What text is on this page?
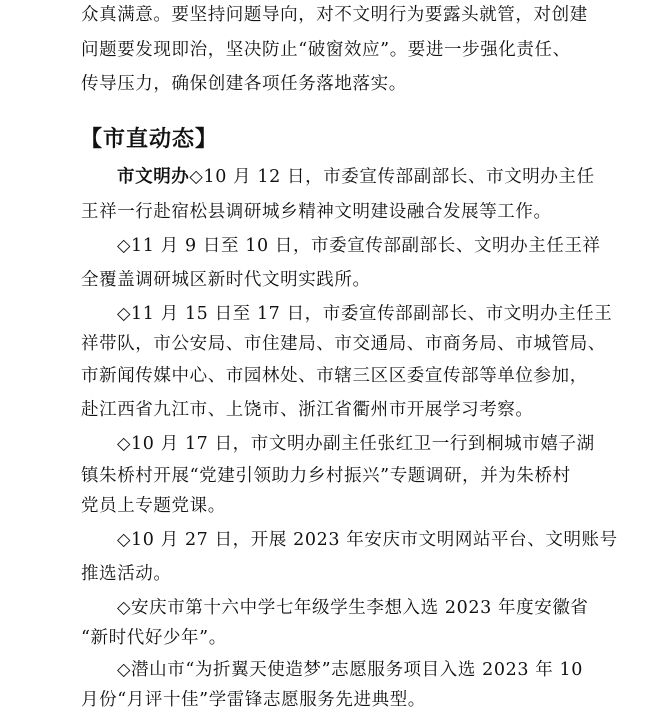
众真满意。要坚持问题导向，对不文明行为要露头就管，对创建
问题要发现即治，坚决防止“破窗效应”。要进一步强化责任、
传导压力，确保创建各项任务落地落实。
【市直动态】
市文明办◇10 月 12 日，市委宣传部副部长、市文明办主任
王祥一行赴宿松县调研城乡精神文明建设融合发展等工作。
◇11 月 9 日至 10 日，市委宣传部副部长、文明办主任王祥
全覆盖调研城区新时代文明实践所。
◇11 月 15 日至 17 日，市委宣传部副部长、市文明办主任王
祥带队，市公安局、市住建局、市交通局、市商务局、市城管局、
市新闻传媒中心、市园林处、市辖三区区委宣传部等单位参加，
赴江西省九江市、上饶市、浙江省衢州市开展学习考察。
◇10 月 17 日，市文明办副主任张红卫一行到桐城市嬉子湖
镇朱桥村开展“党建引领助力乡村振兴”专题调研，并为朱桥村
党员上专题党课。
◇10 月 27 日，开展 2023 年安庆市文明网站平台、文明账号
推选活动。
◇安庆市第十六中学七年级学生李想入选 2023 年度安徽省
“新时代好少年”。
◇潜山市“为折翼天使造梦”志愿服务项目入选 2023 年 10
月份“月评十佳”学雷锋志愿服务先进典型。
